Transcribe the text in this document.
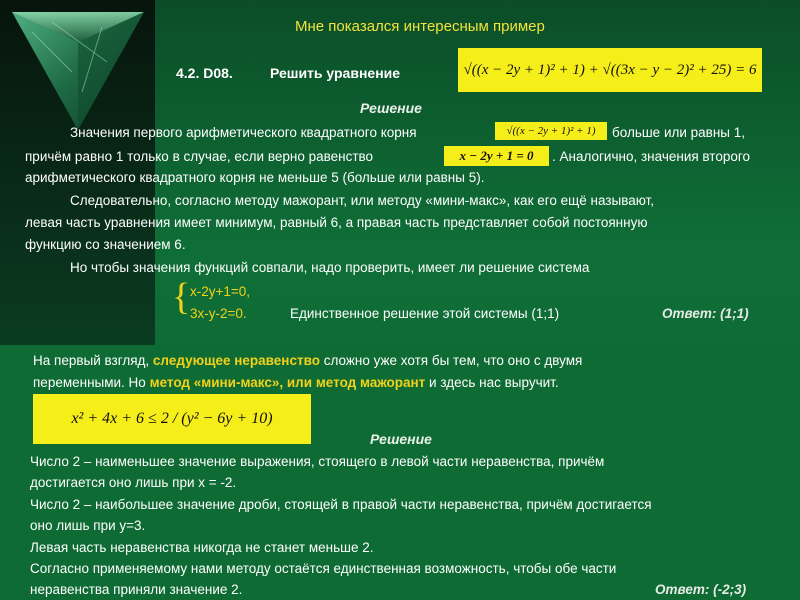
Мне показался интересным пример
4.2. D08.	Решить уравнение	√((x − 2y + 1)² + 1) + √((3x − y − 2)² + 25) = 6
Решение
Значения первого арифметического квадратного корня	√((x − 2y + 1)² + 1)	больше или равны 1,
причём равно 1 только в случае, если верно равенство	x − 2y + 1 = 0	. Аналогично, значения второго
арифметического квадратного корня не меньше 5 (больше или равны 5).
Следовательно, согласно методу мажорант, или методу «мини-макс», как его ещё называют,
левая часть уравнения имеет минимум, равный 6, а правая часть представляет собой постоянную
функцию со значением 6.
Но чтобы значения функций совпали, надо проверить, имеет ли решение система
{ x-2y+1=0,
3x-y-2=0.	Единственное решение этой системы (1;1)	Ответ: (1;1)
На первый взгляд, следующее неравенство сложно уже хотя бы тем, что оно с двумя
переменными. Но метод «мини-макс», или метод мажорант и здесь нас выручит.
x² + 4x + 6 ≤ 2 / (y² − 6y + 10)
Решение
Число 2 – наименьшее значение выражения, стоящего в левой части неравенства, причём
достигается оно лишь при x = -2.
Число 2 – наибольшее значение дроби, стоящей в правой части неравенства, причём достигается
оно лишь при y=3.
Левая часть неравенства никогда не станет меньше 2.
Согласно применяемому нами методу остаётся единственная возможность, чтобы обе части
неравенства приняли значение 2.	Ответ: (-2;3)
